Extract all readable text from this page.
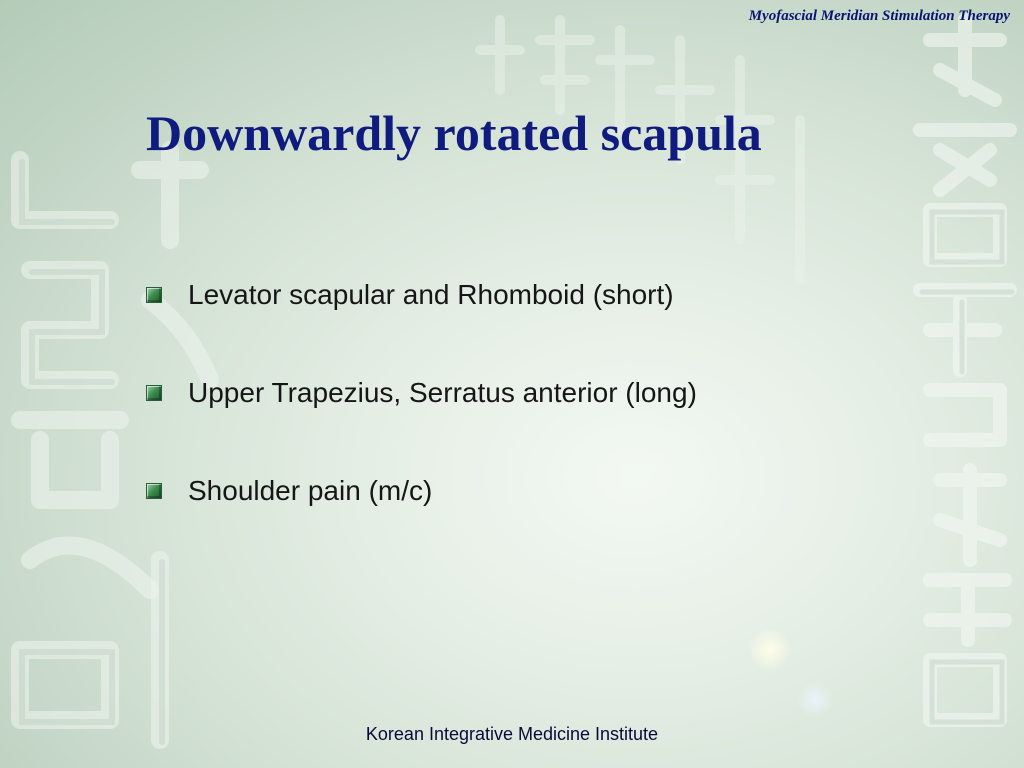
Myofascial Meridian Stimulation Therapy
Downwardly rotated scapula
Levator scapular and Rhomboid (short)
Upper Trapezius, Serratus anterior (long)
Shoulder pain (m/c)
Korean Integrative Medicine Institute
